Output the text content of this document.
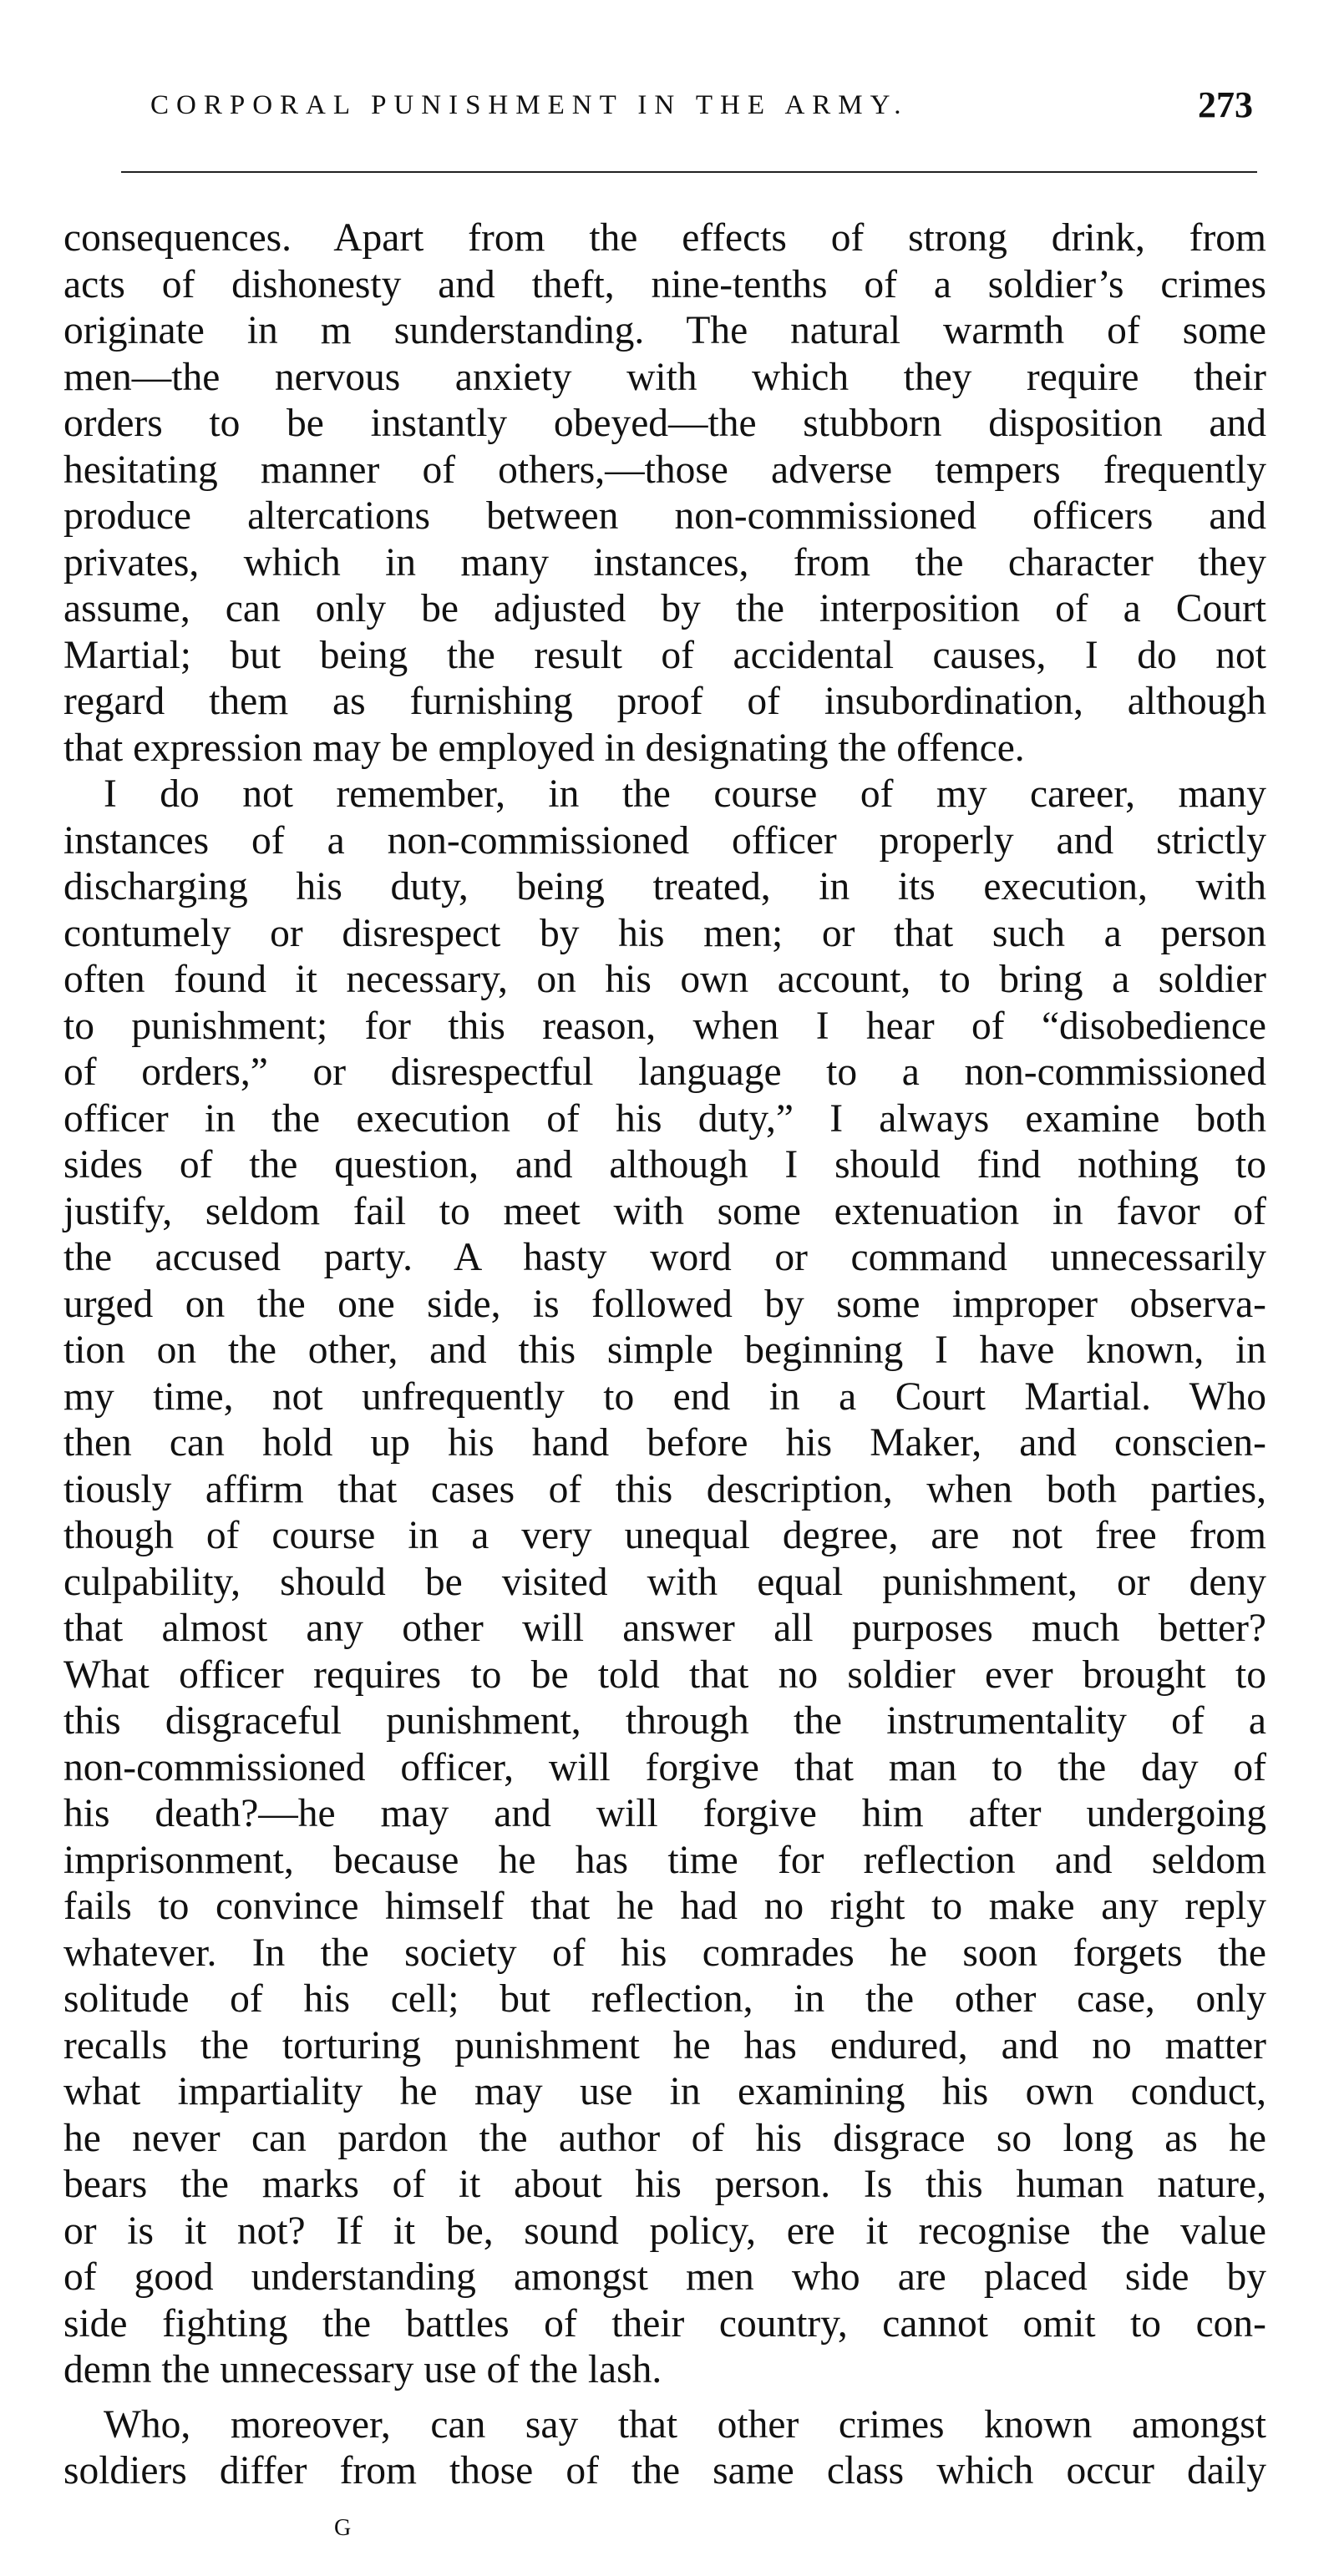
CORPORAL PUNISHMENT IN THE ARMY.	273
consequences. Apart from the effects of strong drink, from
acts of dishonesty and theft, nine-tenths of a soldier’s crimes
originate in m sunderstanding. The natural warmth of some
men—the nervous anxiety with which they require their
orders to be instantly obeyed—the stubborn disposition and
hesitating manner of others,—those adverse tempers frequently
produce altercations between non-commissioned officers and
privates, which in many instances, from the character they
assume, can only be adjusted by the interposition of a Court
Martial; but being the result of accidental causes, I do not
regard them as furnishing proof of insubordination, although
that expression may be employed in designating the offence.
I do not remember, in the course of my career, many
instances of a non-commissioned officer properly and strictly
discharging his duty, being treated, in its execution, with
contumely or disrespect by his men; or that such a person
often found it necessary, on his own account, to bring a soldier
to punishment; for this reason, when I hear of “disobedience
of orders,” or disrespectful language to a non-commissioned
officer in the execution of his duty,” I always examine both
sides of the question, and although I should find nothing to
justify, seldom fail to meet with some extenuation in favor of
the accused party. A hasty word or command unnecessarily
urged on the one side, is followed by some improper observa-
tion on the other, and this simple beginning I have known, in
my time, not unfrequently to end in a Court Martial. Who
then can hold up his hand before his Maker, and conscien-
tiously affirm that cases of this description, when both parties,
though of course in a very unequal degree, are not free from
culpability, should be visited with equal punishment, or deny
that almost any other will answer all purposes much better?
What officer requires to be told that no soldier ever brought to
this disgraceful punishment, through the instrumentality of a
non-commissioned officer, will forgive that man to the day of
his death?—he may and will forgive him after undergoing
imprisonment, because he has time for reflection and seldom
fails to convince himself that he had no right to make any reply
whatever. In the society of his comrades he soon forgets the
solitude of his cell; but reflection, in the other case, only
recalls the torturing punishment he has endured, and no matter
what impartiality he may use in examining his own conduct,
he never can pardon the author of his disgrace so long as he
bears the marks of it about his person. Is this human nature,
or is it not? If it be, sound policy, ere it recognise the value
of good understanding amongst men who are placed side by
side fighting the battles of their country, cannot omit to con-
demn the unnecessary use of the lash.
Who, moreover, can say that other crimes known amongst
soldiers differ from those of the same class which occur daily
G
